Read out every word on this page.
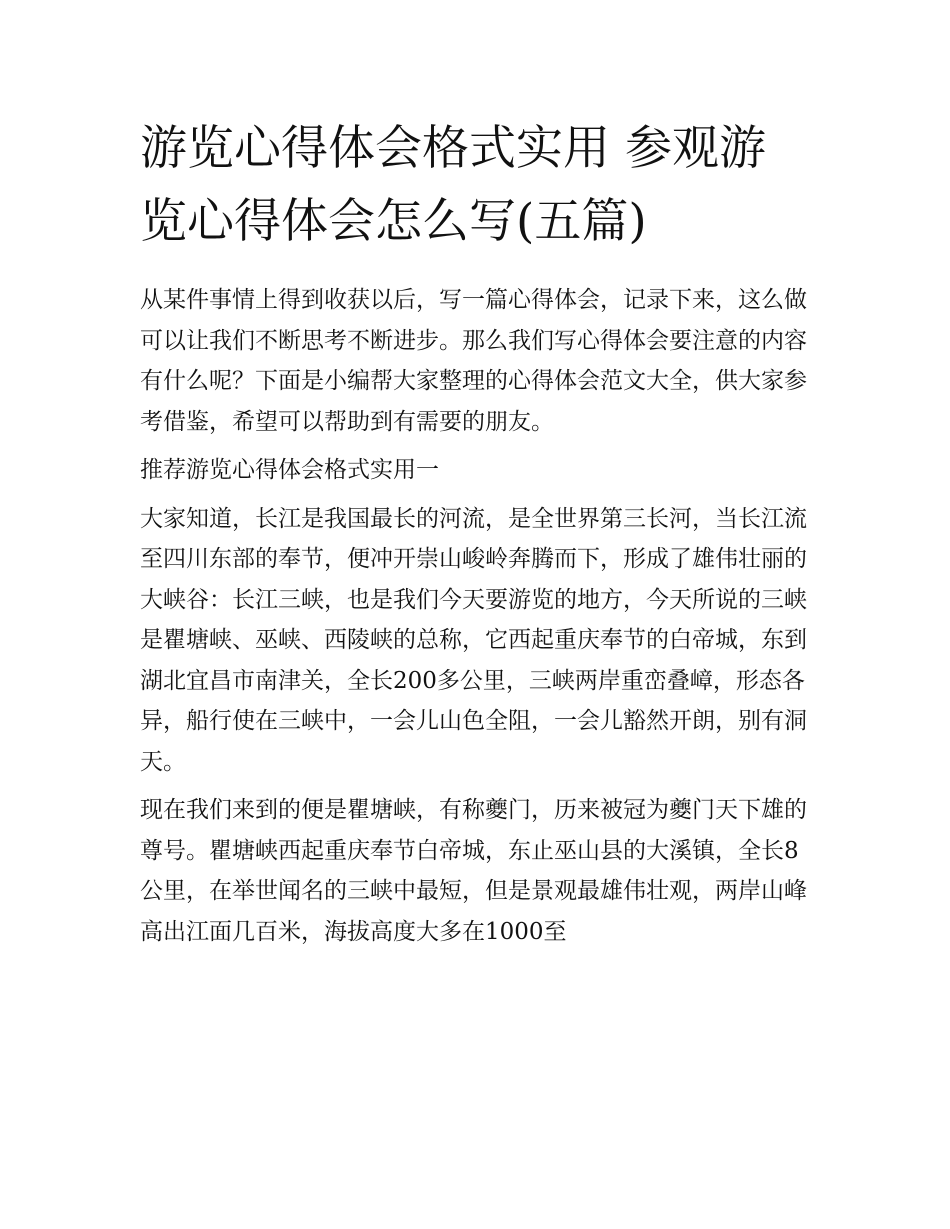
游览心得体会格式实用 参观游览心得体会怎么写(五篇)

从某件事情上得到收获以后，写一篇心得体会，记录下来，这么做可以让我们不断思考不断进步。那么我们写心得体会要注意的内容有什么呢？下面是小编帮大家整理的心得体会范文大全，供大家参考借鉴，希望可以帮助到有需要的朋友。

推荐游览心得体会格式实用一

大家知道，长江是我国最长的河流，是全世界第三长河，当长江流至四川东部的奉节，便冲开崇山峻岭奔腾而下，形成了雄伟壮丽的大峡谷：长江三峡，也是我们今天要游览的地方，今天所说的三峡是瞿塘峡、巫峡、西陵峡的总称，它西起重庆奉节的白帝城，东到湖北宜昌市南津关，全长200多公里，三峡两岸重峦叠嶂，形态各异，船行使在三峡中，一会儿山色全阻，一会儿豁然开朗，别有洞天。

现在我们来到的便是瞿塘峡，有称夔门，历来被冠为夔门天下雄的尊号。瞿塘峡西起重庆奉节白帝城，东止巫山县的大溪镇，全长8公里，在举世闻名的三峡中最短，但是景观最雄伟壮观，两岸山峰高出江面几百米，海拔高度大多在1000至
